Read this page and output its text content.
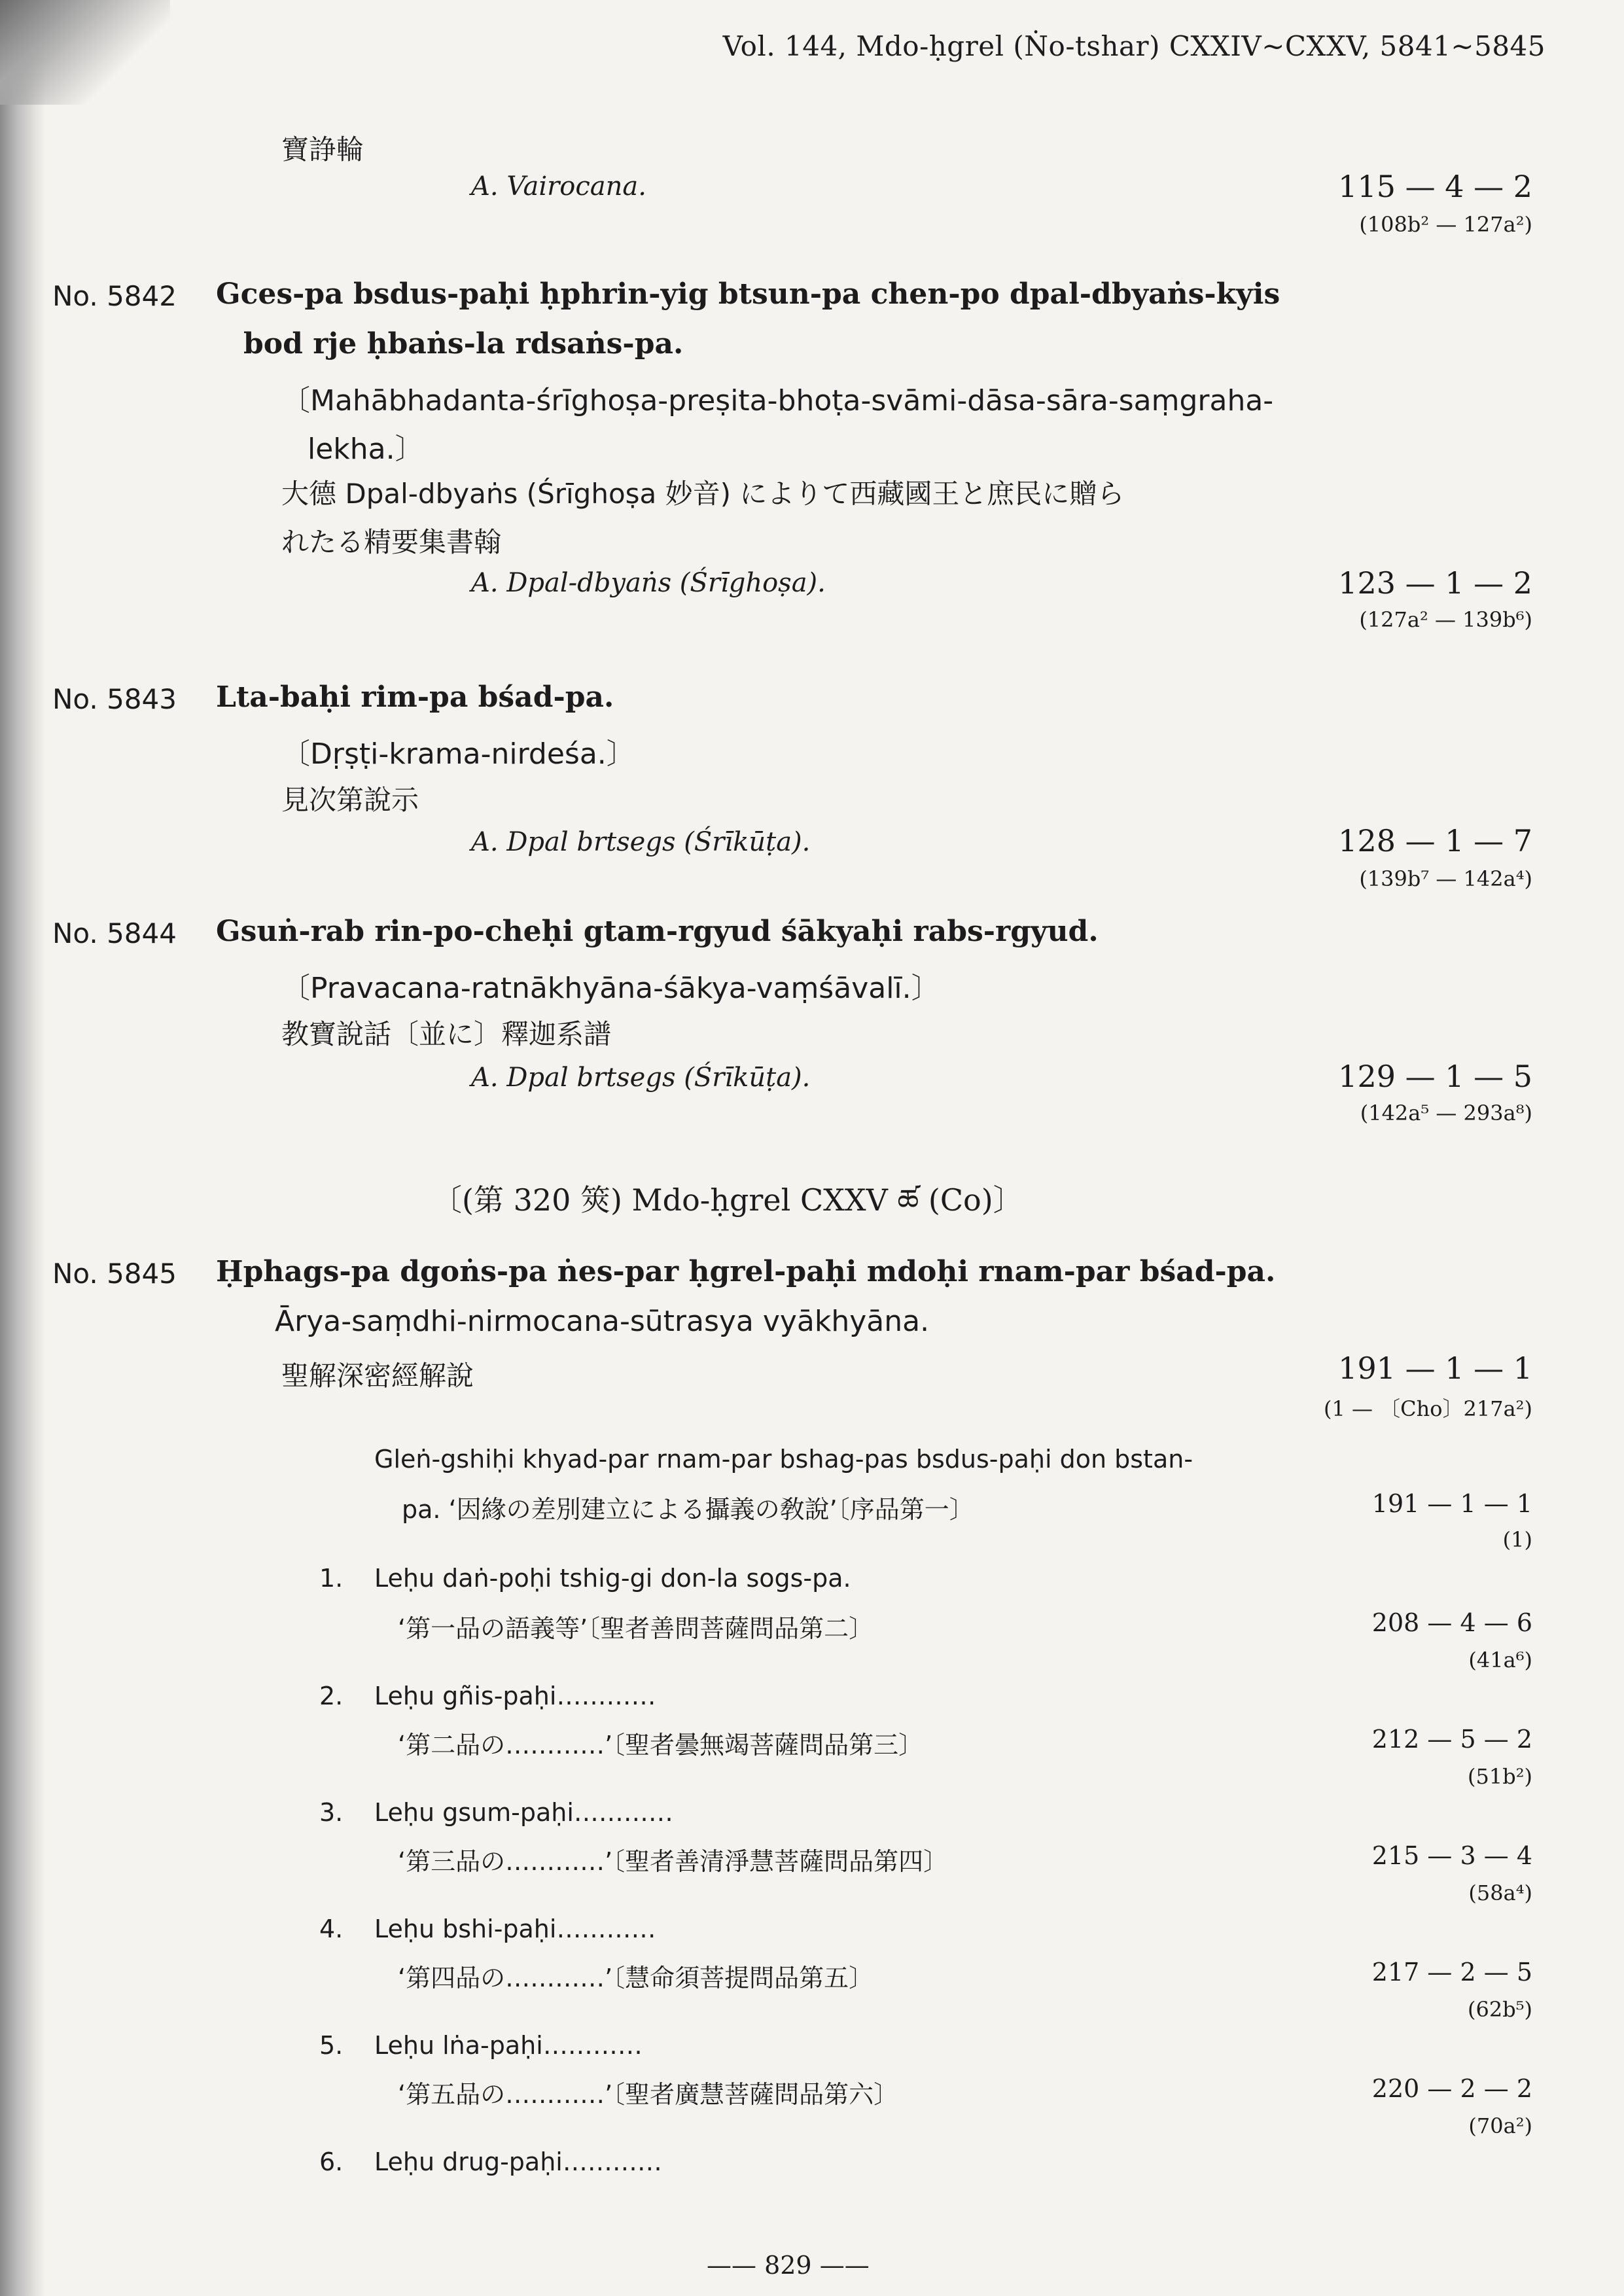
Vol. 144, Mdo-ḥgrel (Ṅo-tshar) CXXIV~CXXV, 5841~5845
寶諍輪
A. Vairocana.	115 — 4 — 2
(108b² — 127a²)
No. 5842 Gces-pa bsdus-paḥi ḥphrin-yig btsun-pa chen-po dpal-dbyaṅs-kyis
bod rje ḥbaṅs-la rdsaṅs-pa.
〔Mahābhadanta-śrīghoṣa-preṣita-bhoṭa-svāmi-dāsa-sāra-saṃgraha-
lekha.〕
大德 Dpal-dbyaṅs (Śrīghoṣa 妙音) によりて西藏國王と庶民に贈ら
れたる精要集書翰
A. Dpal-dbyaṅs (Śrīghoṣa).	123 — 1 — 2
(127a² — 139b⁶)
No. 5843 Lta-baḥi rim-pa bśad-pa.
〔Dṛṣṭi-krama-nirdeśa.〕
見次第說示
A. Dpal brtsegs (Śrīkūṭa).	128 — 1 — 7
(139b⁷ — 142a⁴)
No. 5844 Gsuṅ-rab rin-po-cheḥi gtam-rgyud śākyaḥi rabs-rgyud.
〔Pravacana-ratnākhyāna-śākya-vaṃśāvalī.〕
教寶說話〔並に〕釋迦系譜
A. Dpal brtsegs (Śrīkūṭa).	129 — 1 — 5
(142a⁵ — 293a⁸)
〔(第 320 筴) Mdo-ḥgrel CXXV ཚ (Co)〕
No. 5845 Ḥphags-pa dgoṅs-pa ṅes-par ḥgrel-paḥi mdoḥi rnam-par bśad-pa.
Ārya-saṃdhi-nirmocana-sūtrasya vyākhyāna.
聖解深密經解說	191 — 1 — 1
(1 — 〔Cho〕217a²)
Gleṅ-gshiḥi khyad-par rnam-par bshag-pas bsdus-paḥi don bstan-
pa. ‘因緣の差別建立による攝義の敎說’〔序品第一〕	191 — 1 — 1
(1)
1. Leḥu daṅ-poḥi tshig-gi don-la sogs-pa.
‘第一品の語義等’〔聖者善問菩薩問品第二〕	208 — 4 — 6
(41a⁶)
2. Leḥu gñis-paḥi…………
‘第二品の…………’〔聖者曇無竭菩薩問品第三〕	212 — 5 — 2
(51b²)
3. Leḥu gsum-paḥi…………
‘第三品の…………’〔聖者善清淨慧菩薩問品第四〕	215 — 3 — 4
(58a⁴)
4. Leḥu bshi-paḥi…………
‘第四品の…………’〔慧命須菩提問品第五〕	217 — 2 — 5
(62b⁵)
5. Leḥu lṅa-paḥi…………
‘第五品の…………’〔聖者廣慧菩薩問品第六〕	220 — 2 — 2
(70a²)
6. Leḥu drug-paḥi…………
—— 829 ——
